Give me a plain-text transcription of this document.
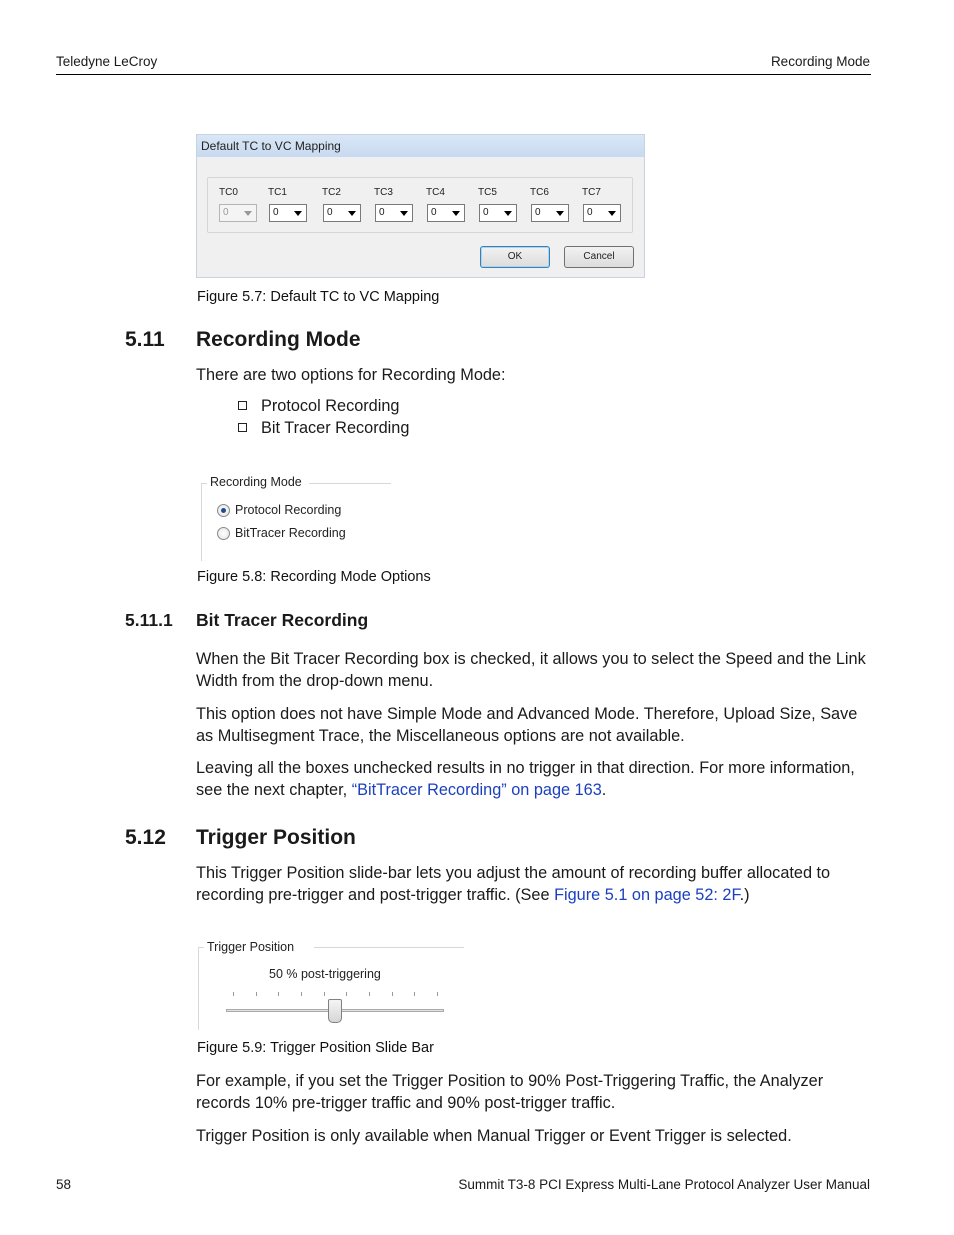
Teledyne LeCroy	Recording Mode
Default TC to VC Mapping
TC0	TC1	TC2	TC3	TC4	TC5	TC6	TC7
0	0	0	0	0	0	0	0
OK	Cancel
Figure 5.7: Default TC to VC Mapping
5.11 Recording Mode
There are two options for Recording Mode:
Protocol Recording
Bit Tracer Recording
Recording Mode
Protocol Recording
BitTracer Recording
Figure 5.8: Recording Mode Options
5.11.1 Bit Tracer Recording
When the Bit Tracer Recording box is checked, it allows you to select the Speed and the Link Width from the drop-down menu.
This option does not have Simple Mode and Advanced Mode. Therefore, Upload Size, Save as Multisegment Trace, the Miscellaneous options are not available.
Leaving all the boxes unchecked results in no trigger in that direction. For more information, see the next chapter, “BitTracer Recording” on page 163.
5.12 Trigger Position
This Trigger Position slide-bar lets you adjust the amount of recording buffer allocated to recording pre-trigger and post-trigger traffic. (See Figure 5.1 on page 52: 2F.)
Trigger Position
50 % post-triggering
Figure 5.9: Trigger Position Slide Bar
For example, if you set the Trigger Position to 90% Post-Triggering Traffic, the Analyzer records 10% pre-trigger traffic and 90% post-trigger traffic.
Trigger Position is only available when Manual Trigger or Event Trigger is selected.
58	Summit T3-8 PCI Express Multi-Lane Protocol Analyzer User Manual
